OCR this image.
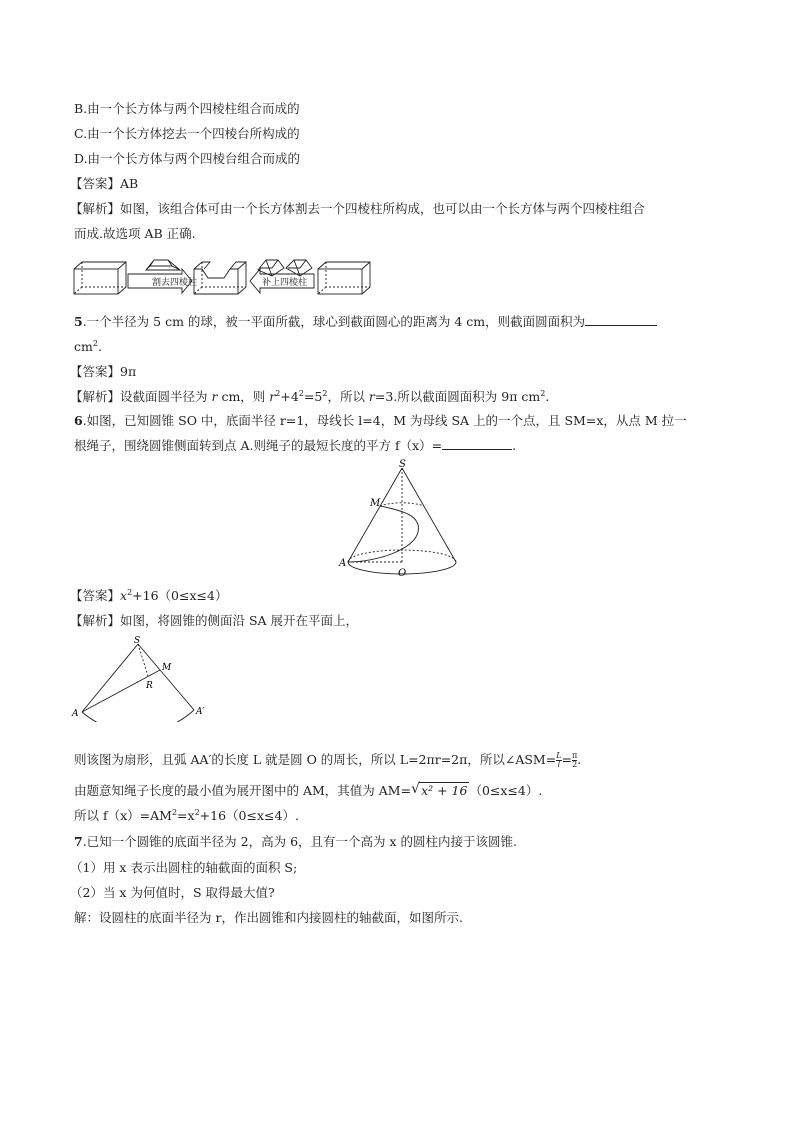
B.由一个长方体与两个四棱柱组合而成的
C.由一个长方体挖去一个四棱台所构成的
D.由一个长方体与两个四棱台组合而成的
【答案】AB
【解析】如图，该组合体可由一个长方体割去一个四棱柱所构成，也可以由一个长方体与两个四棱柱组合
而成.故选项 AB 正确.
割去四棱柱	补上四棱柱
5.一个半径为 5 cm 的球，被一平面所截，球心到截面圆心的距离为 4 cm，则截面圆面积为
$cm^2$.
【答案】9π
【解析】设截面圆半径为 r cm，则 $r^2+4^2=5^2$，所以 r=3.所以截面圆面积为 9π $cm^2$.
6.如图，已知圆锥 SO 中，底面半径 r=1，母线长 l=4，M 为母线 SA 上的一个点，且 SM=x，从点 M 拉一
根绳子，围绕圆锥侧面转到点 A.则绳子的最短长度的平方 f（x）=	.
S
M
A
O
【答案】$x^2+16(0\le x\le 4)$
【解析】如图，将圆锥的侧面沿 SA 展开在平面上，
S
M
R
A	A′
则该图为扇形，且弧 AA′的长度 L 就是圆 O 的周长，所以 L=2πr=2π，所以∠ASM= $\frac{L}{l} = \frac{\pi}{2}$ .
由题意知绳子长度的最小值为展开图中的 AM，其值为 AM= √ x² + 16 （0≤x≤4）.
所以 $f(x)=AM^2=x^2+16(0\le x\le 4)$.
7.已知一个圆锥的底面半径为 2，高为 6，且有一个高为 x 的圆柱内接于该圆锥.
（1）用 x 表示出圆柱的轴截面的面积 S;
（2）当 x 为何值时，S 取得最大值?
解：设圆柱的底面半径为 r，作出圆锥和内接圆柱的轴截面，如图所示.
